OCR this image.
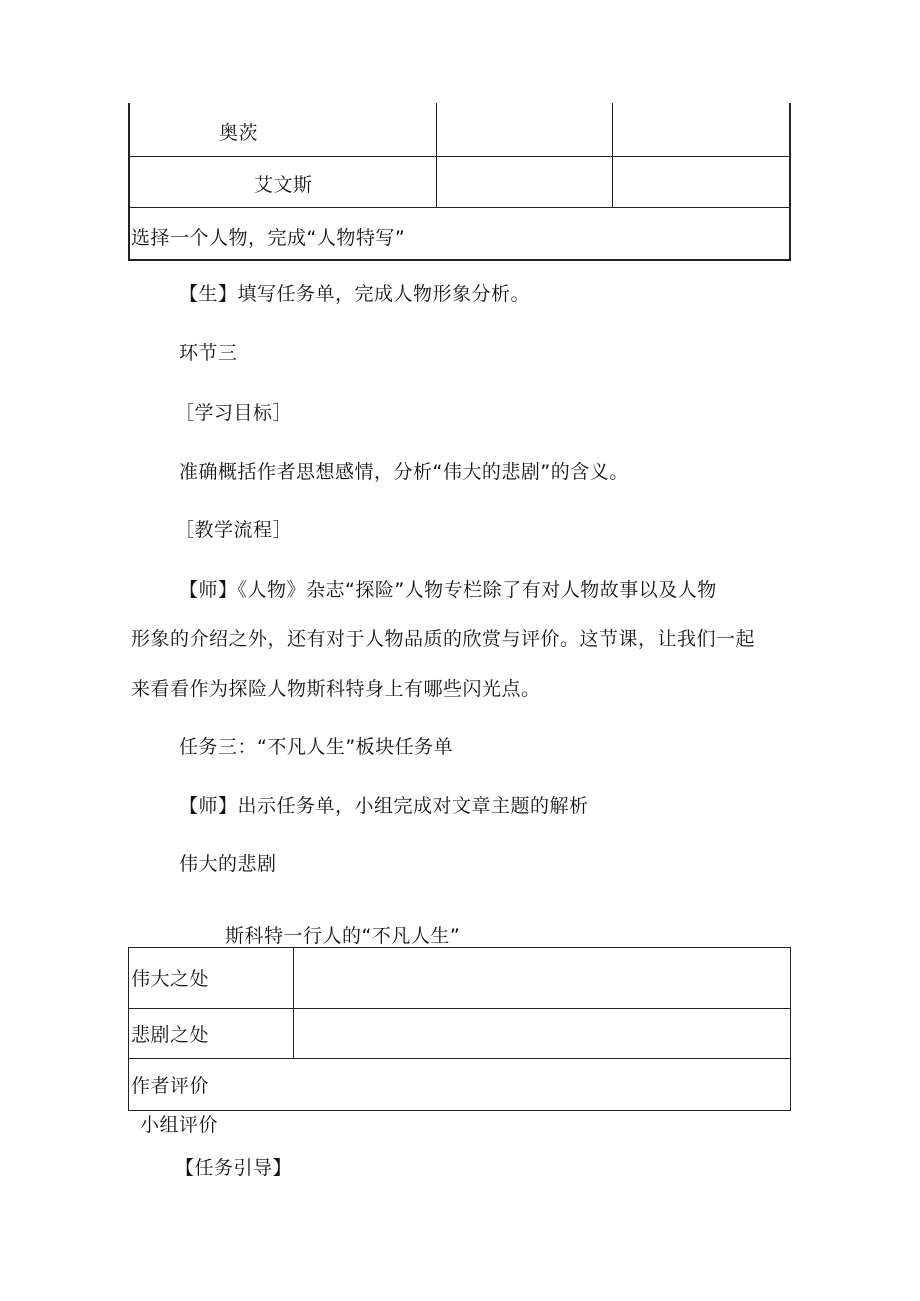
奥茨
艾文斯
选择一个人物，完成“人物特写”
【生】填写任务单，完成人物形象分析。
环节三
［学习目标］
准确概括作者思想感情，分析“伟大的悲剧”的含义。
［教学流程］
【师】《人物》杂志“探险”人物专栏除了有对人物故事以及人物
形象的介绍之外，还有对于人物品质的欣赏与评价。这节课，让我们一起
来看看作为探险人物斯科特身上有哪些闪光点。
任务三：“不凡人生”板块任务单
【师】出示任务单，小组完成对文章主题的解析
伟大的悲剧
斯科特一行人的“不凡人生”
伟大之处
悲剧之处
作者评价
小组评价
【任务引导】
